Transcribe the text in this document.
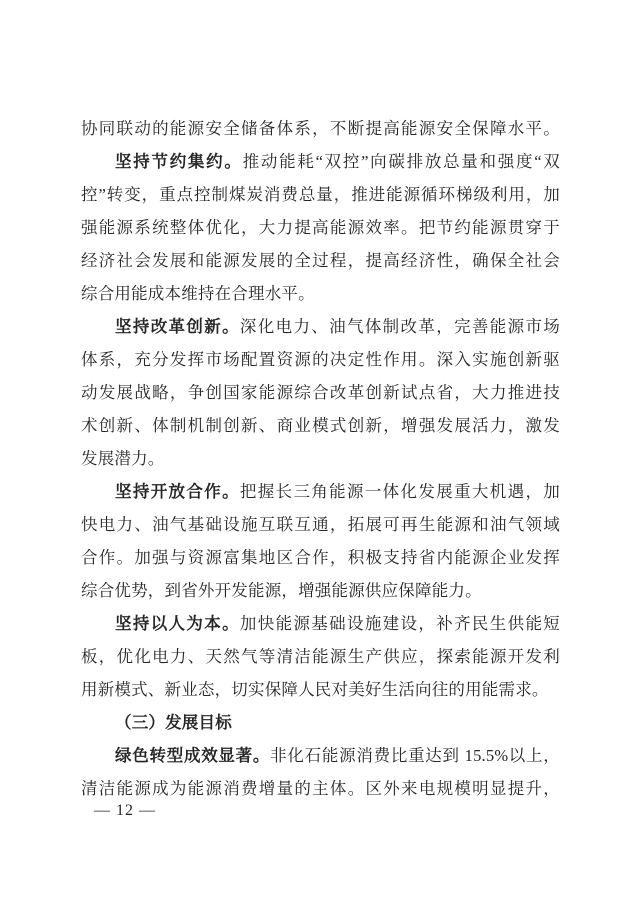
协同联动的能源安全储备体系，不断提高能源安全保障水平。
坚持节约集约。推动能耗“双控”向碳排放总量和强度“双
控”转变，重点控制煤炭消费总量，推进能源循环梯级利用，加
强能源系统整体优化，大力提高能源效率。把节约能源贯穿于
经济社会发展和能源发展的全过程，提高经济性，确保全社会
综合用能成本维持在合理水平。
坚持改革创新。深化电力、油气体制改革，完善能源市场
体系，充分发挥市场配置资源的决定性作用。深入实施创新驱
动发展战略，争创国家能源综合改革创新试点省，大力推进技
术创新、体制机制创新、商业模式创新，增强发展活力，激发
发展潜力。
坚持开放合作。把握长三角能源一体化发展重大机遇，加
快电力、油气基础设施互联互通，拓展可再生能源和油气领域
合作。加强与资源富集地区合作，积极支持省内能源企业发挥
综合优势，到省外开发能源，增强能源供应保障能力。
坚持以人为本。加快能源基础设施建设，补齐民生供能短
板，优化电力、天然气等清洁能源生产供应，探索能源开发利
用新模式、新业态，切实保障人民对美好生活向往的用能需求。
（三）发展目标
绿色转型成效显著。非化石能源消费比重达到 15.5%以上，
清洁能源成为能源消费增量的主体。区外来电规模明显提升，
— 12 —
